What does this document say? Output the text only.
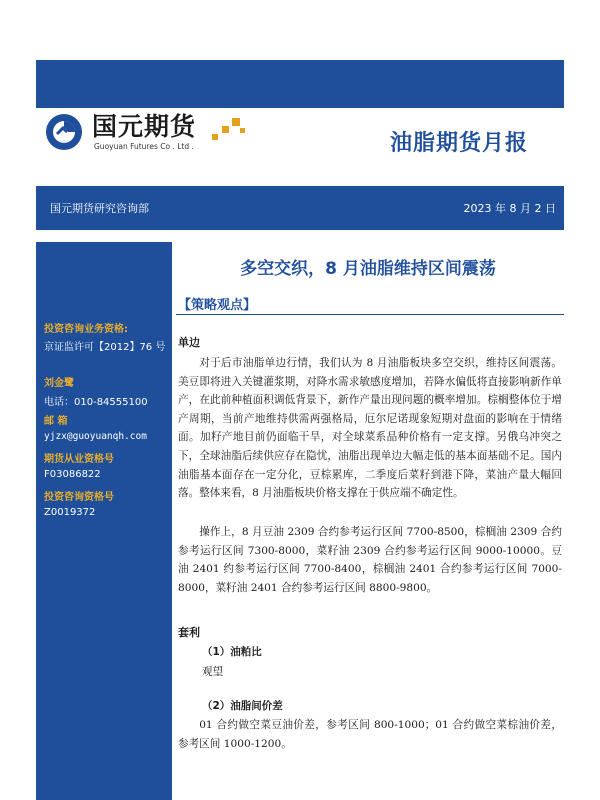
国元期货
Guoyuan Futures Co . Ltd .	油脂期货月报
国元期货研究咨询部	2023 年 8 月 2 日
投资咨询业务资格:
京证监许可【2012】76 号
刘金鹭
电话：010-84555100
邮 箱
yjzx@guoyuanqh.com
期货从业资格号
F03086822
投资咨询资格号
Z0019372
多空交织，8 月油脂维持区间震荡
【策略观点】
单边

对于后市油脂单边行情，我们认为 8 月油脂板块多空交织，维持区间震荡。美豆即将进入关键灌浆期，对降水需求敏感度增加，若降水偏低将直接影响新作单产，在此前种植面积调低背景下，新作产量出现问题的概率增加。棕榈整体位于增产周期，当前产地维持供需两强格局，厄尔尼诺现象短期对盘面的影响在于情绪面。加籽产地目前仍面临干旱，对全球菜系品种价格有一定支撑。另俄乌冲突之下，全球油脂后续供应存在隐忧，油脂出现单边大幅走低的基本面基础不足。国内油脂基本面存在一定分化，豆棕累库，二季度后菜籽到港下降，菜油产量大幅回落。整体来看，8 月油脂板块价格支撑在于供应端不确定性。

操作上，8 月豆油 2309 合约参考运行区间 7700-8500，棕榈油 2309 合约参考运行区间 7300-8000，菜籽油 2309 合约参考运行区间 9000-10000。豆油 2401 约参考运行区间 7700-8400，棕榈油 2401 合约参考运行区间 7000-8000，菜籽油 2401 合约参考运行区间 8800-9800。

套利
（1）油粕比
观望
（2）油脂间价差

01 合约做空菜豆油价差，参考区间 800-1000；01 合约做空菜棕油价差，参考区间 1000-1200。
